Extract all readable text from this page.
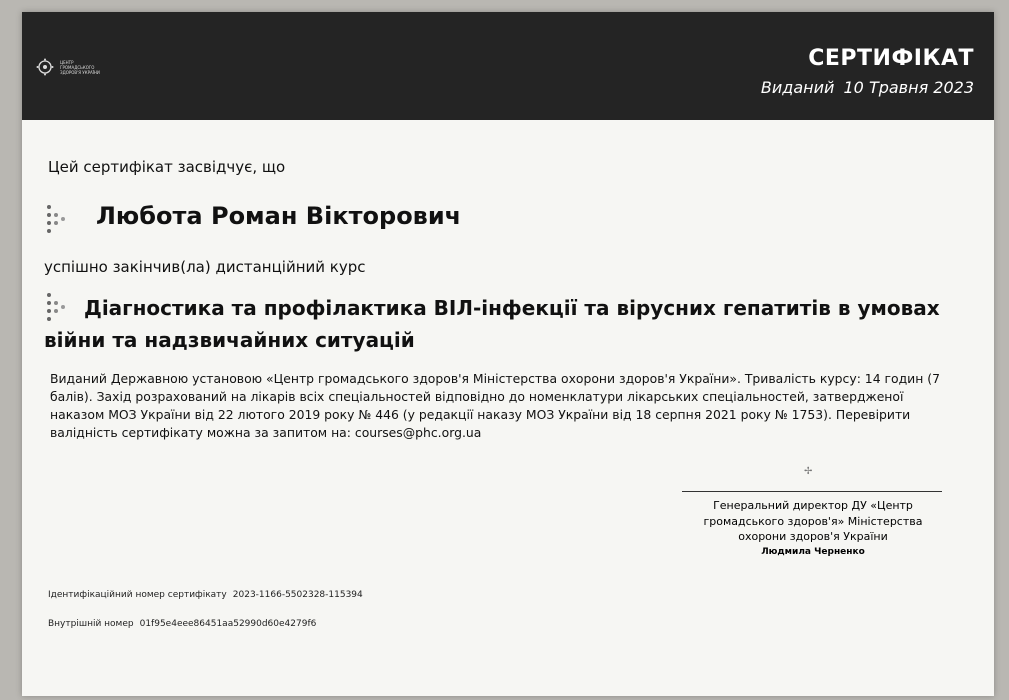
ЦЕНТР ГРОМАДСЬКОГО ЗДОРОВ'Я УКРАЇНИ
СЕРТИФІКАТ
Виданий 10 Травня 2023
Цей сертифікат засвідчує, що
Любота Роман Вікторович
успішно закінчив(ла) дистанційний курс
Діагностика та профілактика ВІЛ-інфекції та вірусних гепатитів в умовах війни та надзвичайних ситуацій
Виданий Державною установою «Центр громадського здоров'я Міністерства охорони здоров'я України». Тривалість курсу: 14 годин (7 балів). Захід розрахований на лікарів всіх спеціальностей відповідно до номенклатури лікарських спеціальностей, затвердженої наказом МОЗ України від 22 лютого 2019 року № 446 (у редакції наказу МОЗ України від 18 серпня 2021 року № 1753). Перевірити валідність сертифікату можна за запитом на: courses@phc.org.ua
✢
Генеральний директор ДУ «Центр громадського здоров'я» Міністерства охорони здоров'я України
Людмила Черненко
Ідентифікаційний номер сертифікату 2023-1166-5502328-115394
Внутрішній номер 01f95e4eee86451aa52990d60e4279f6
